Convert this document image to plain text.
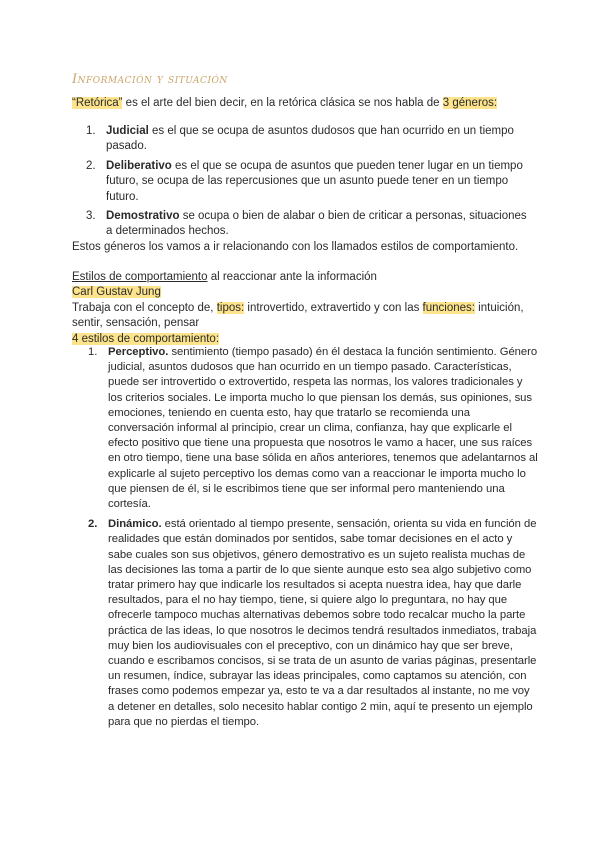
Información y situación
“Retórica” es el arte del bien decir, en la retórica clásica se nos habla de 3 géneros:
1. Judicial es el que se ocupa de asuntos dudosos que han ocurrido en un tiempo pasado.
2. Deliberativo es el que se ocupa de asuntos que pueden tener lugar en un tiempo futuro, se ocupa de las repercusiones que un asunto puede tener en un tiempo futuro.
3. Demostrativo se ocupa o bien de alabar o bien de criticar a personas, situaciones a determinados hechos.
Estos géneros los vamos a ir relacionando con los llamados estilos de comportamiento.
Estilos de comportamiento al reaccionar ante la información
Carl Gustav Jung
Trabaja con el concepto de, tipos: introvertido, extravertido y con las funciones: intuición, sentir, sensación, pensar
4 estilos de comportamiento:
1. Perceptivo. sentimiento (tiempo pasado) én él destaca la función sentimiento. Género judicial, asuntos dudosos que han ocurrido en un tiempo pasado. Características, puede ser introvertido o extrovertido, respeta las normas, los valores tradicionales y los criterios sociales. Le importa mucho lo que piensan los demás, sus opiniones, sus emociones, teniendo en cuenta esto, hay que tratarlo se recomienda una conversación informal al principio, crear un clima, confianza, hay que explicarle el efecto positivo que tiene una propuesta que nosotros le vamo a hacer, une sus raíces en otro tiempo, tiene una base sólida en años anteriores, tenemos que adelantarnos al explicarle al sujeto perceptivo los demas como van a reaccionar le importa mucho lo que piensen de él, si le escribimos tiene que ser informal pero manteniendo una cortesía.
2. Dinámico. está orientado al tiempo presente, sensación, orienta su vida en función de realidades que están dominados por sentidos, sabe tomar decisiones en el acto y sabe cuales son sus objetivos, género demostrativo es un sujeto realista muchas de las decisiones las toma a partir de lo que siente aunque esto sea algo subjetivo como tratar primero hay que indicarle los resultados si acepta nuestra idea, hay que darle resultados, para el no hay tiempo, tiene, si quiere algo lo preguntara, no hay que ofrecerle tampoco muchas alternativas debemos sobre todo recalcar mucho la parte práctica de las ideas, lo que nosotros le decimos tendrá resultados inmediatos, trabaja muy bien los audiovisuales con el preceptivo, con un dinámico hay que ser breve, cuando e escribamos concisos, si se trata de un asunto de varias páginas, presentarle un resumen, índice, subrayar las ideas principales, como captamos su atención, con frases como podemos empezar ya, esto te va a dar resultados al instante, no me voy a detener en detalles, solo necesito hablar contigo 2 min, aquí te presento un ejemplo para que no pierdas el tiempo.
